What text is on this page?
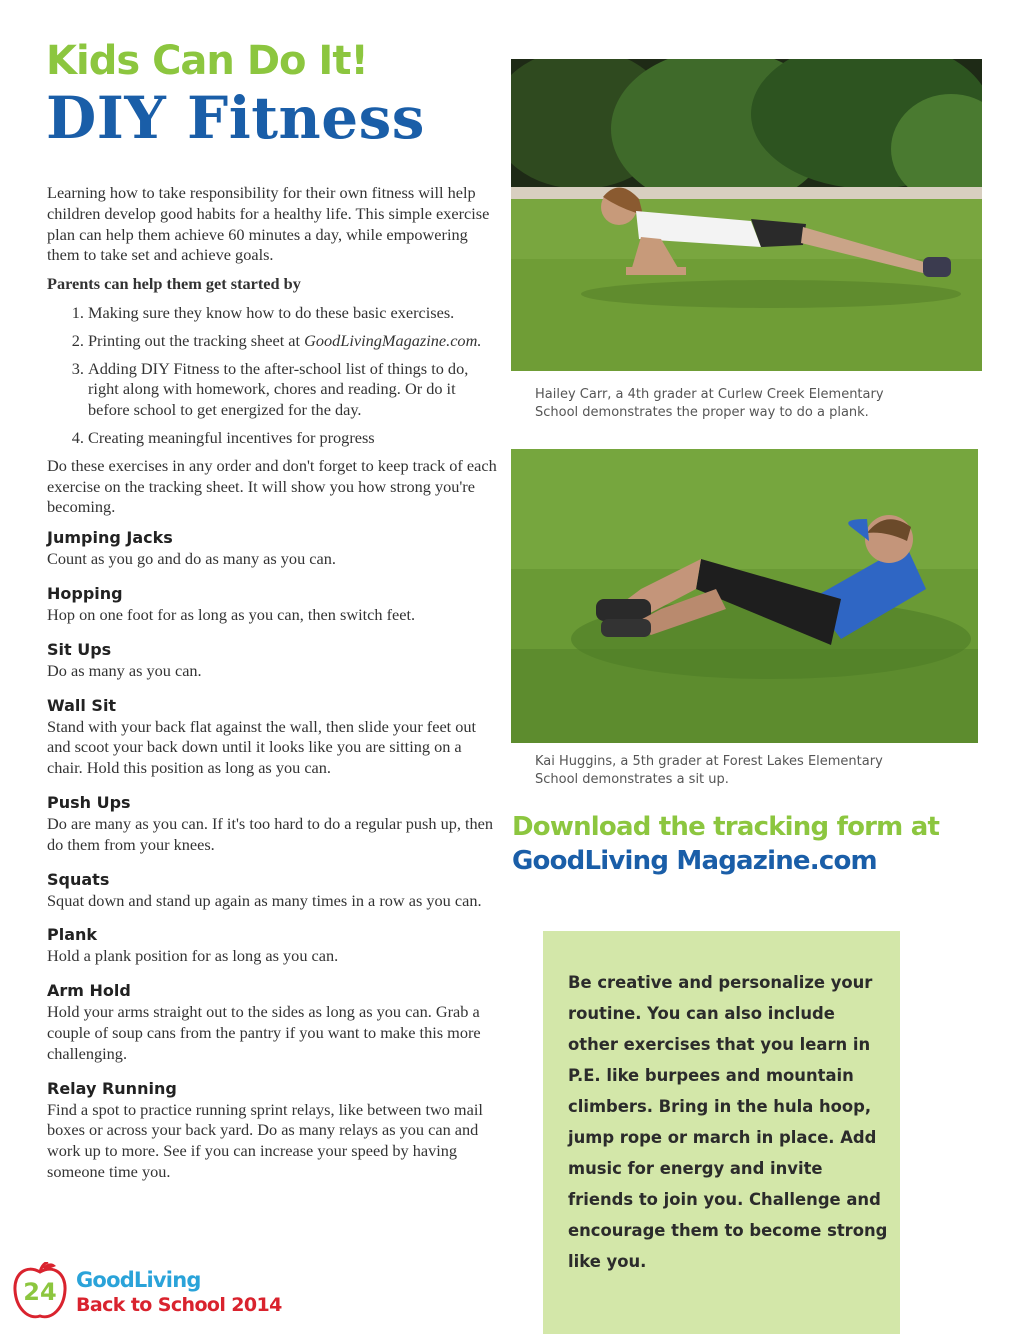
Kids Can Do It!
DIY Fitness

Learning how to take responsibility for their own fitness will help children develop good habits for a healthy life. This simple exercise plan can help them achieve 60 minutes a day, while empowering them to take set and achieve goals.

Parents can help them get started by

1. Making sure they know how to do these basic exercises.
2. Printing out the tracking sheet at GoodLivingMagazine.com.
3. Adding DIY Fitness to the after-school list of things to do, right along with homework, chores and reading. Or do it before school to get energized for the day.
4. Creating meaningful incentives for progress

Do these exercises in any order and don't forget to keep track of each exercise on the tracking sheet. It will show you how strong you're becoming.

Jumping Jacks

Count as you go and do as many as you can.

Hopping

Hop on one foot for as long as you can, then switch feet.

Sit Ups

Do as many as you can.

Wall Sit

Stand with your back flat against the wall, then slide your feet out and scoot your back down until it looks like you are sitting on a chair. Hold this position as long as you can.

Push Ups

Do are many as you can. If it's too hard to do a regular push up, then do them from your knees.

Squats

Squat down and stand up again as many times in a row as you can.

Plank

Hold a plank position for as long as you can.

Arm Hold

Hold your arms straight out to the sides as long as you can. Grab a couple of soup cans from the pantry if you want to make this more challenging.

Relay Running

Find a spot to practice running sprint relays, like between two mail boxes or across your back yard. Do as many relays as you can and work up to more. See if you can increase your speed by having someone time you.

Hailey Carr, a 4th grader at Curlew Creek Elementary School demonstrates the proper way to do a plank.
Kai Huggins, a 5th grader at Forest Lakes Elementary School demonstrates a sit up.
Download the tracking form at
GoodLiving Magazine.com
Be creative and personalize your routine. You can also include other exercises that you learn in P.E. like burpees and mountain climbers. Bring in the hula hoop, jump rope or march in place. Add music for energy and invite friends to join you. Challenge and encourage them to become strong like you.
24 GoodLiving
Back to School 2014
